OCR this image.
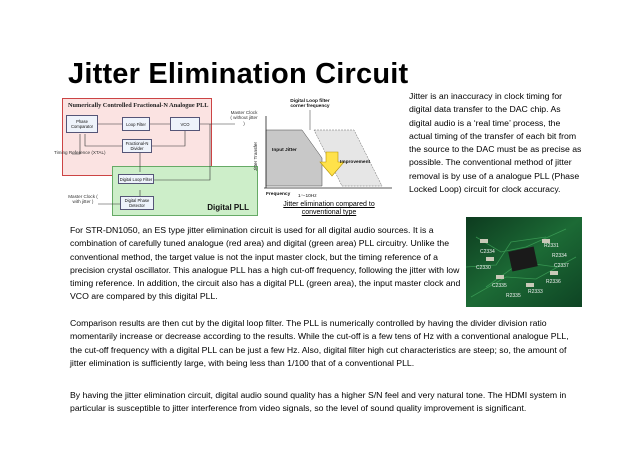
Jitter Elimination Circuit
Numerically Controlled Fractional-N Analogue PLL
Digital PLL
Phase Comparator	Loop Filter	VCO
Fractional-N Divider
Timing Reference (XTAL)
Master Clock ( without jitter )
Digital Loop Filter
Digital Phase Detector
Master Clock ( with jitter )
Digital Loop filter corner frequency
Jitter Transfer	Input Jitter
Improvement
Frequency 1～10Hz
Jitter elimination compared to conventional type
Jitter is an inaccuracy in clock timing for digital data transfer to the DAC chip. As digital audio is a ‘real time’ process, the actual timing of the transfer of each bit from the source to the DAC must be as precise as possible. The conventional method of jitter removal is by use of a analogue PLL (Phase Locked Loop) circuit for clock accuracy.
For STR-DN1050, an ES type jitter elimination circuit is used for all digital audio sources. It is a combination of carefully tuned analogue (red area) and digital (green area) PLL circuitry. Unlike the conventional method, the target value is not the input master clock, but the timing reference of a precision crystal oscillator. This analogue PLL has a high cut-off frequency, following the jitter with low timing reference. In addition, the circuit also has a digital PLL (green area), the input master clock and VCO are compared by this digital PLL.
R2331
R2334
C2334
C2330	C2337
R2336
C2335
R2335
R2333
Comparison results are then cut by the digital loop filter. The PLL is numerically controlled by having the divider division ratio momentarily increase or decrease according to the results. While the cut-off is a few tens of Hz with a conventional analogue PLL, the cut-off frequency with a digital PLL can be just a few Hz. Also, digital filter high cut characteristics are steep; so, the amount of jitter elimination is sufficiently large, with being less than 1/100 that of a conventional PLL.
By having the jitter elimination circuit, digital audio sound quality has a higher S/N feel and very natural tone. The HDMI system in particular is susceptible to jitter interference from video signals, so the level of sound quality improvement is significant.
